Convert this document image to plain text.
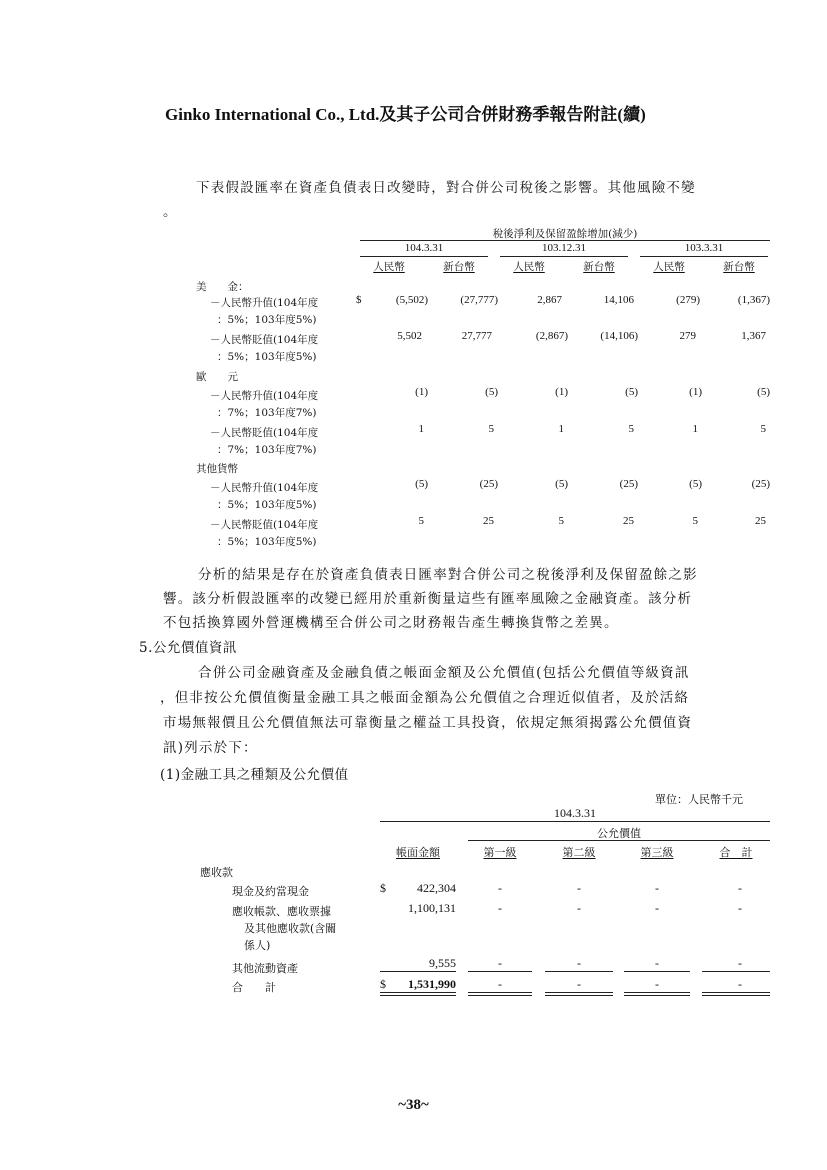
Ginko International Co., Ltd.及其子公司合併財務季報告附註(續)
下表假設匯率在資產負債表日改變時，對合併公司稅後之影響。其他風險不變
。
稅後淨利及保留盈餘增加(減少)
104.3.31	103.12.31	103.3.31
人民幣	新台幣	人民幣	新台幣	人民幣	新台幣
美　　金：
－人民幣升值(104年度
：5%；103年度5%)
$	(5,502)	(27,777)	2,867	14,106	(279)	(1,367)
－人民幣貶值(104年度
：5%；103年度5%)
5,502	27,777	(2,867)	(14,106)	279	1,367
歐　　元
－人民幣升值(104年度
：7%；103年度7%)
(1)	(5)	(1)	(5)	(1)	(5)
－人民幣貶值(104年度
：7%；103年度7%)
1	5	1	5	1	5
其他貨幣
－人民幣升值(104年度
：5%；103年度5%)
(5)	(25)	(5)	(25)	(5)	(25)
－人民幣貶值(104年度
：5%；103年度5%)
5	25	5	25	5	25
分析的結果是存在於資產負債表日匯率對合併公司之稅後淨利及保留盈餘之影
響。該分析假設匯率的改變已經用於重新衡量這些有匯率風險之金融資產。該分析
不包括換算國外營運機構至合併公司之財務報告產生轉換貨幣之差異。
5.公允價值資訊
合併公司金融資產及金融負債之帳面金額及公允價值(包括公允價值等級資訊
，但非按公允價值衡量金融工具之帳面金額為公允價值之合理近似值者，及於活絡
市場無報價且公允價值無法可靠衡量之權益工具投資，依規定無須揭露公允價值資
訊)列示於下：
(1)金融工具之種類及公允價值
單位：人民幣千元
104.3.31
公允價值
帳面金額	第一級	第二級	第三級	合　計
應收款
現金及約當現金	$	422,304	-	-	-	-
應收帳款、應收票據
及其他應收款(含關
係人)
1,100,131	-	-	-	-
其他流動資產	9,555	-	-	-	-
合　　計	$	1,531,990	-	-	-	-
~38~
